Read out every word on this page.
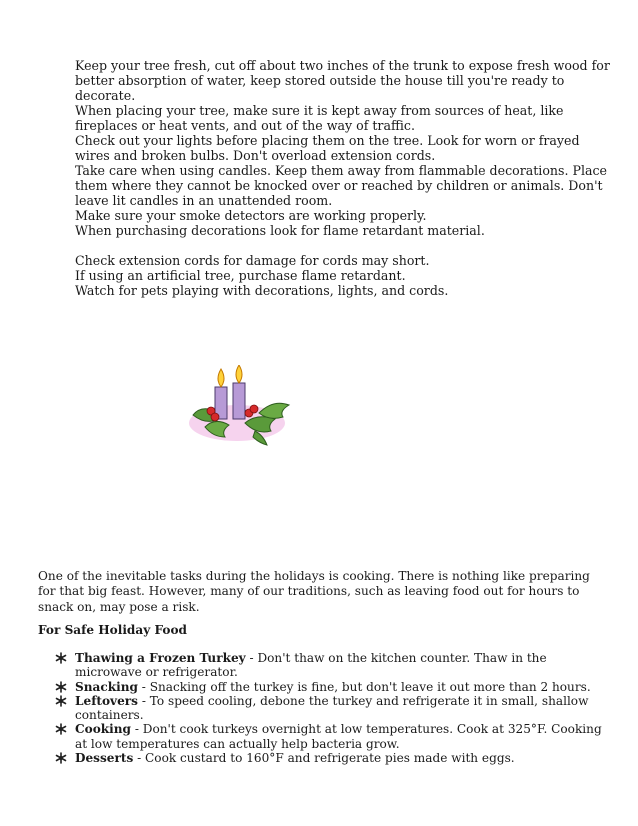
Keep your tree fresh, cut off about two inches of the trunk to expose fresh wood for better absorption of water, keep stored outside the house till you're ready to decorate.
When placing your tree, make sure it is kept away from sources of heat, like fireplaces or heat vents, and out of the way of traffic.
Check out your lights before placing them on the tree. Look for worn or frayed wires and broken bulbs. Don't overload extension cords.
Take care when using candles. Keep them away from flammable decorations. Place them where they cannot be knocked over or reached by children or animals. Don't leave lit candles in an unattended room.
Make sure your smoke detectors are working properly.
When purchasing decorations look for flame retardant material.
Check extension cords for damage for cords may short.
If using an artificial tree, purchase flame retardant.
Watch for pets playing with decorations, lights, and cords.

One of the inevitable tasks during the holidays is cooking. There is nothing like preparing for that big feast. However, many of our traditions, such as leaving food out for hours to snack on, may pose a risk.

For Safe Holiday Food

Thawing a Frozen Turkey - Don't thaw on the kitchen counter. Thaw in the microwave or refrigerator.
Snacking - Snacking off the turkey is fine, but don't leave it out more than 2 hours.
Leftovers - To speed cooling, debone the turkey and refrigerate it in small, shallow containers.
Cooking - Don't cook turkeys overnight at low temperatures. Cook at 325°F. Cooking at low temperatures can actually help bacteria grow.
Desserts - Cook custard to 160°F and refrigerate pies made with eggs.
